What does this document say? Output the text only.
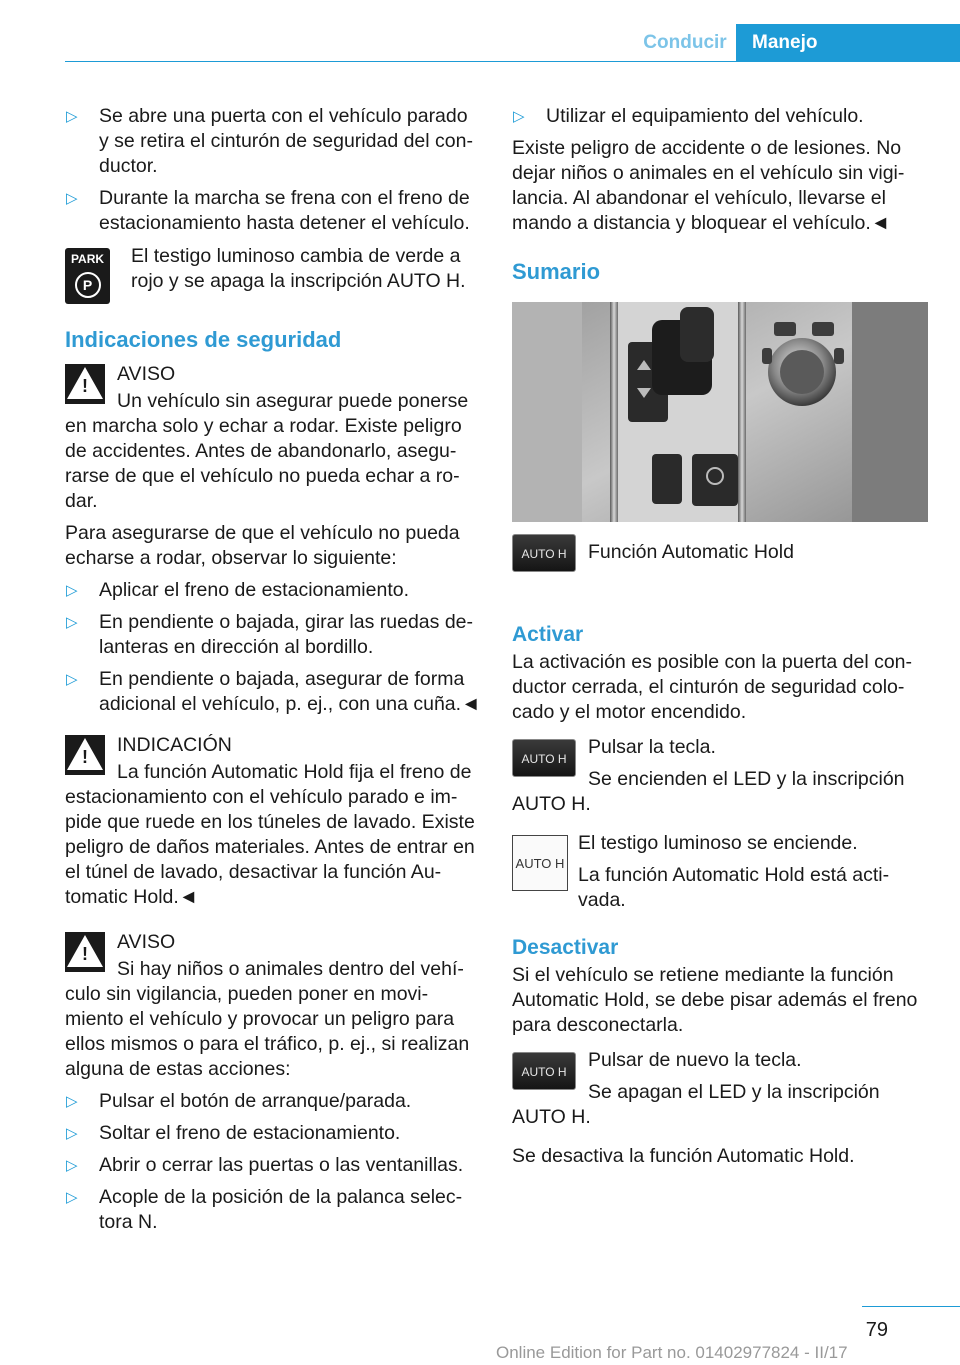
Conducir	Manejo
▷ Se abre una puerta con el vehículo parado y se retira el cinturón de seguridad del con- ductor.
▷ Durante la marcha se frena con el freno de estacionamiento hasta detener el vehículo.
PARK
P

El testigo luminoso cambia de verde a rojo y se apaga la inscripción AUTO H.

Indicaciones de seguridad
!

AVISO

Un vehículo sin asegurar puede ponerse en marcha solo y echar a rodar. Existe peligro de accidentes. Antes de abandonarlo, asegu- rarse de que el vehículo no pueda echar a ro- dar.

Para asegurarse de que el vehículo no pueda echarse a rodar, observar lo siguiente:

▷ Aplicar el freno de estacionamiento.
▷ En pendiente o bajada, girar las ruedas de- lanteras en dirección al bordillo.
▷ En pendiente o bajada, asegurar de forma adicional el vehículo, p. ej., con una cuña.◄
!

INDICACIÓN

La función Automatic Hold fija el freno de estacionamiento con el vehículo parado e im- pide que ruede en los túneles de lavado. Existe peligro de daños materiales. Antes de entrar en el túnel de lavado, desactivar la función Au- tomatic Hold.◄

!

AVISO

Si hay niños o animales dentro del vehí- culo sin vigilancia, pueden poner en movi- miento el vehículo y provocar un peligro para ellos mismos o para el tráfico, p. ej., si realizan alguna de estas acciones:

▷ Pulsar el botón de arranque/parada.
▷ Soltar el freno de estacionamiento.
▷ Abrir o cerrar las puertas o las ventanillas.
▷ Acople de la posición de la palanca selec- tora N.
▷ Utilizar el equipamiento del vehículo.

Existe peligro de accidente o de lesiones. No dejar niños o animales en el vehículo sin vigi- lancia. Al abandonar el vehículo, llevarse el mando a distancia y bloquear el vehículo.◄

Sumario
AUTO H	Función Automatic Hold

Activar

La activación es posible con la puerta del con- ductor cerrada, el cinturón de seguridad colo- cado y el motor encendido.

AUTO H

Pulsar la tecla.

Se encienden el LED y la inscripción AUTO H.

AUTO H

El testigo luminoso se enciende.

La función Automatic Hold está acti- vada.

Desactivar

Si el vehículo se retiene mediante la función Automatic Hold, se debe pisar además el freno para desconectarla.

AUTO H

Pulsar de nuevo la tecla.

Se apagan el LED y la inscripción AUTO H.

Se desactiva la función Automatic Hold.

79
Online Edition for Part no. 01402977824 - II/17
